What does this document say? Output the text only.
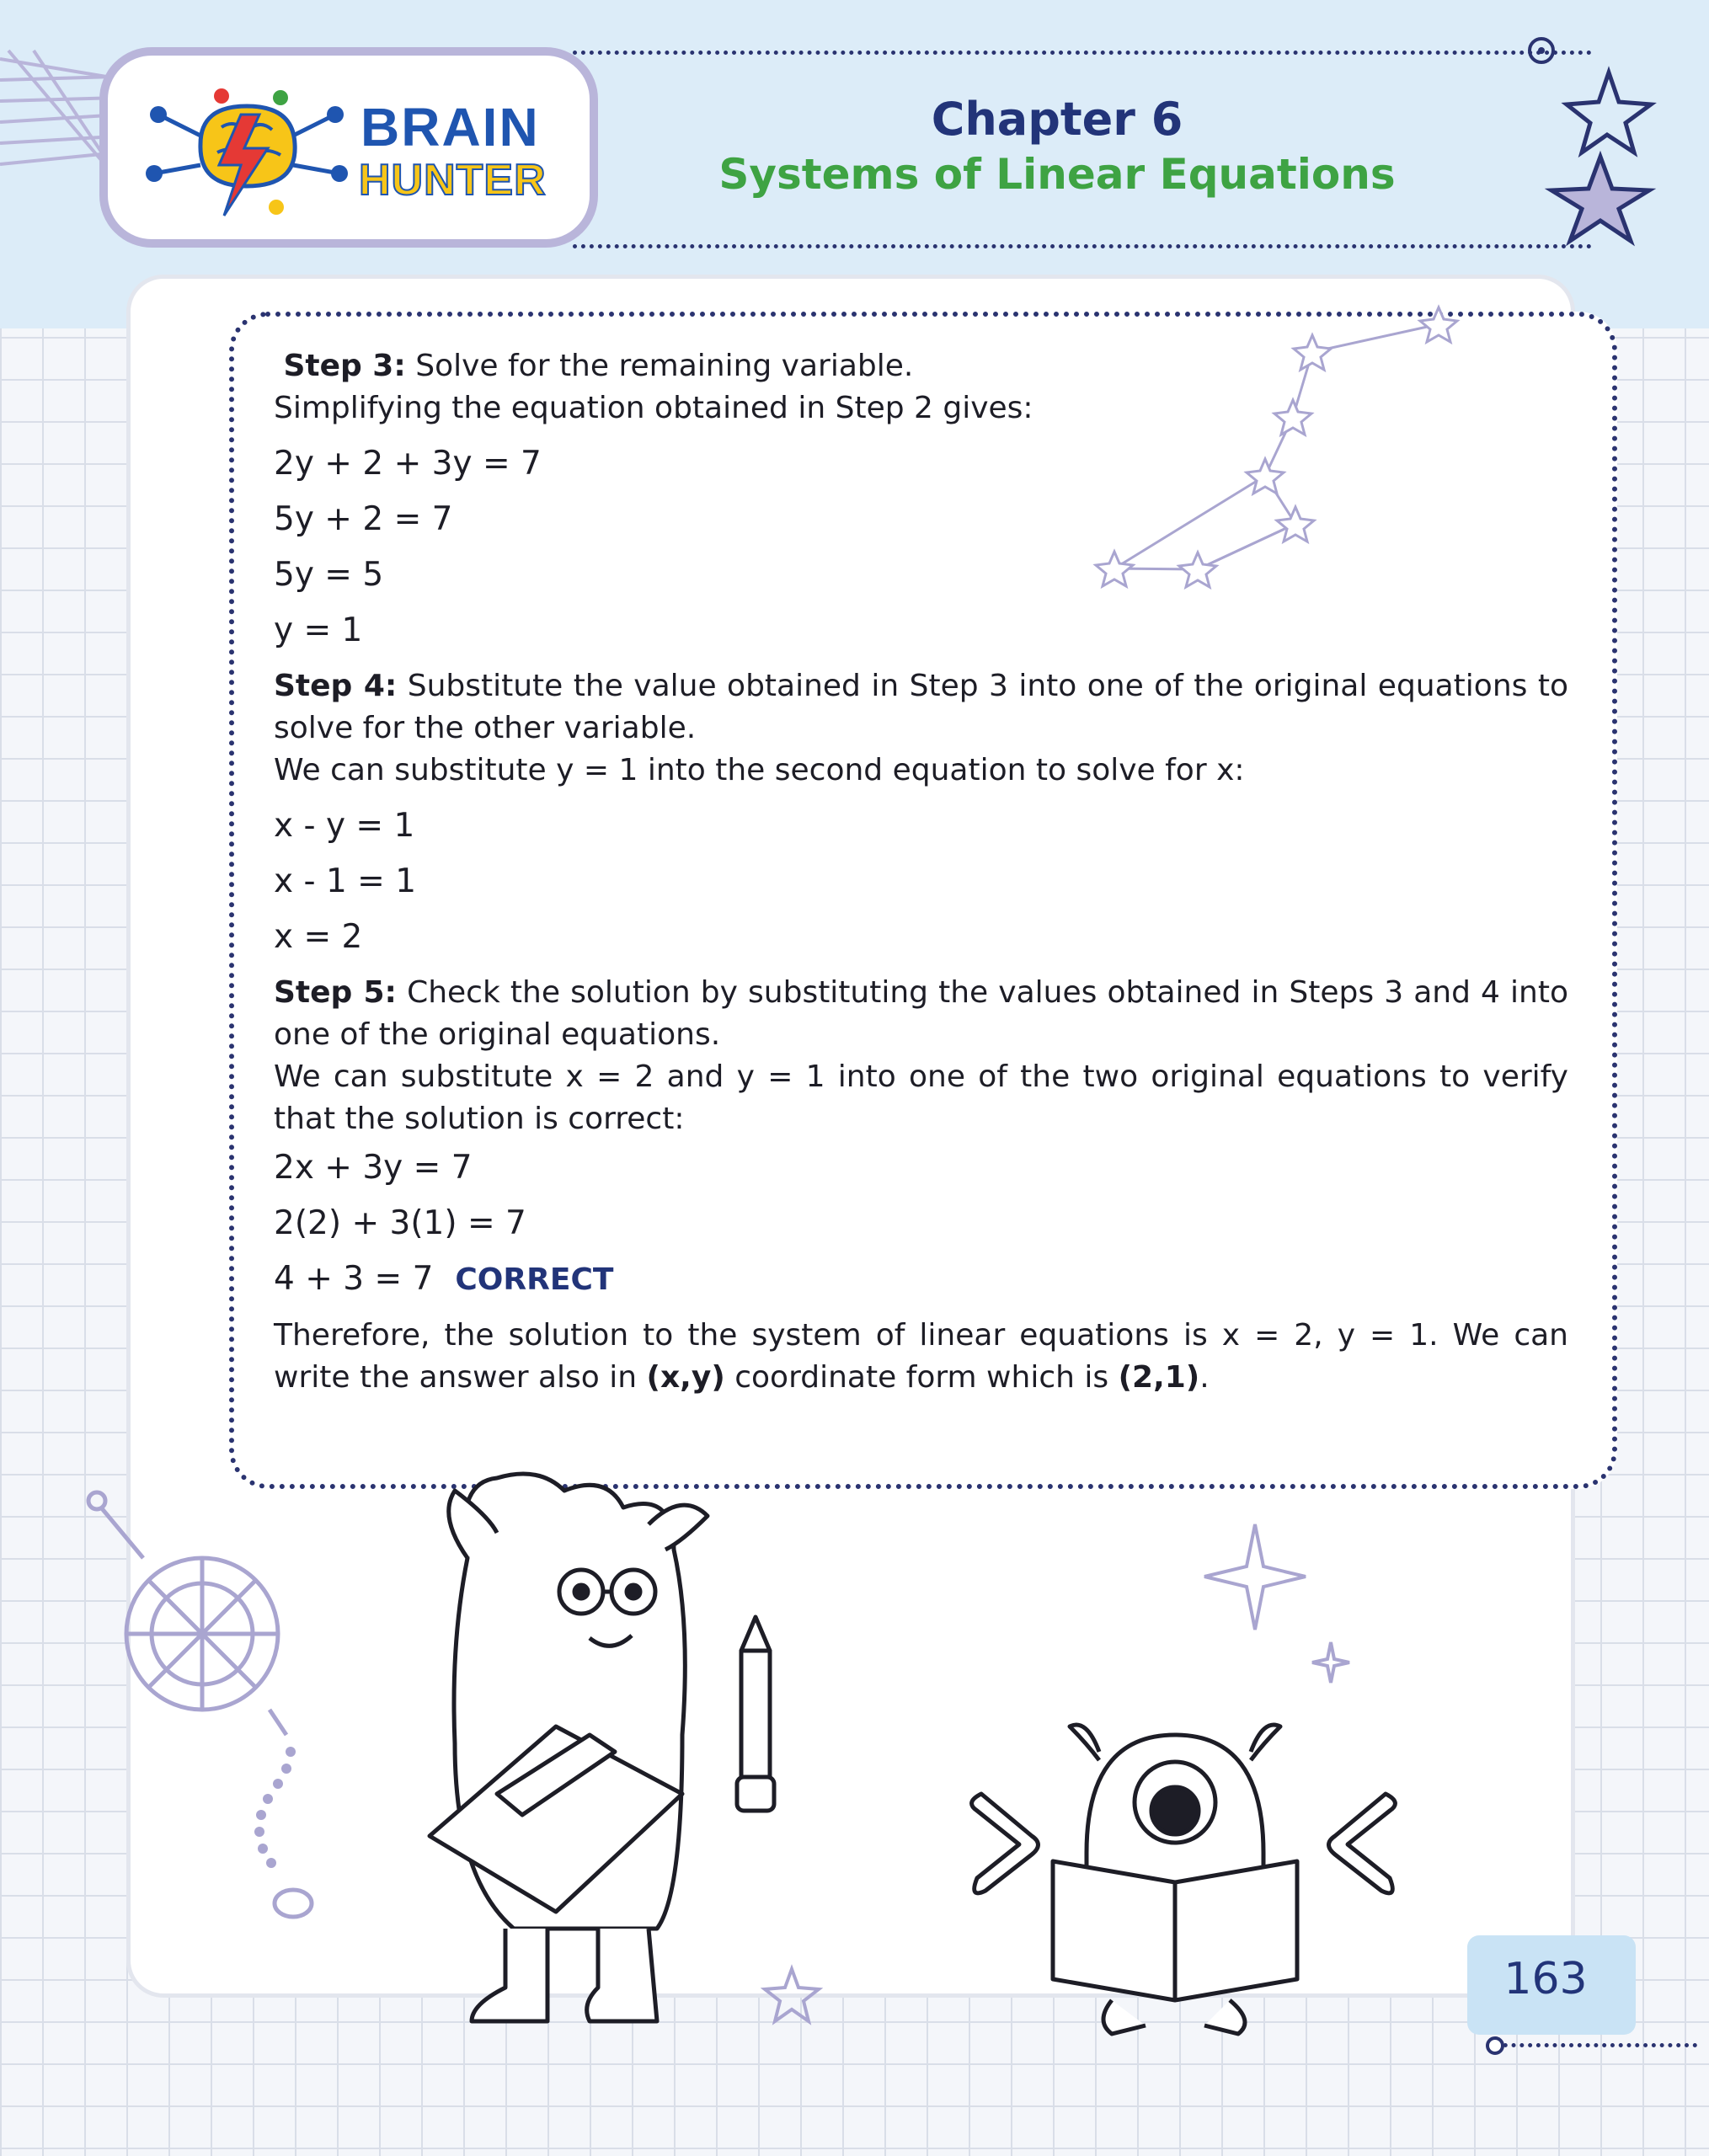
BRAIN
HUNTER
Chapter 6
Systems of Linear Equations

Step 3: Solve for the remaining variable.

Simplifying the equation obtained in Step 2 gives:

2y + 2 + 3y = 7

5y + 2 = 7

5y = 5

y = 1

Step 4: Substitute the value obtained in Step 3 into one of the original equations to solve for the other variable.

We can substitute y = 1 into the second equation to solve for x:

x - y = 1

x - 1 = 1

x = 2

Step 5: Check the solution by substituting the values obtained in Steps 3 and 4 into one of the original equations.

We can substitute x = 2 and y = 1 into one of the two original equations to verify that the solution is correct:

2x + 3y = 7

2(2) + 3(1) = 7

4 + 3 = 7 CORRECT

Therefore, the solution to the system of linear equations is x = 2, y = 1. We can write the answer also in (x,y) coordinate form which is (2,1).

163
